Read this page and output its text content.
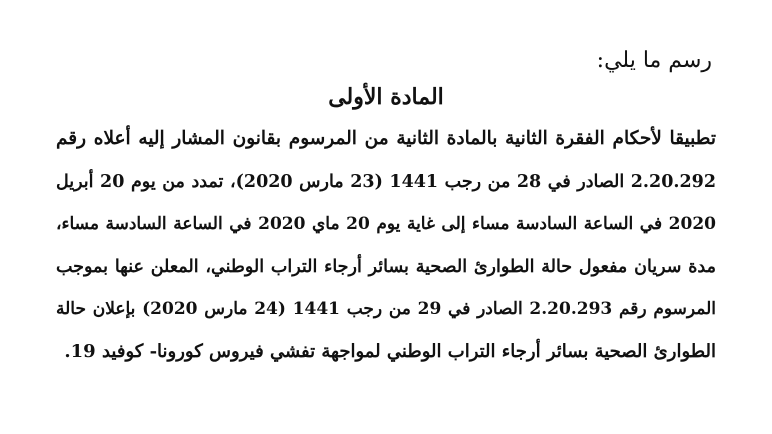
رسم ما يلي:
المادة الأولى
تطبيقا لأحكام الفقرة الثانية بالمادة الثانية من المرسوم بقانون المشار إليه أعلاه رقم
2.20.292 الصادر في 28 من رجب 1441 (23 مارس 2020)، تمدد من يوم 20 أبريل
2020 في الساعة السادسة مساء إلى غاية يوم 20 ماي 2020 في الساعة السادسة مساء،
مدة سريان مفعول حالة الطوارئ الصحية بسائر أرجاء التراب الوطني، المعلن عنها بموجب
المرسوم رقم 2.20.293 الصادر في 29 من رجب 1441 (24 مارس 2020) بإعلان حالة
الطوارئ الصحية بسائر أرجاء التراب الوطني لمواجهة تفشي فيروس كورونا- كوفيد 19.
